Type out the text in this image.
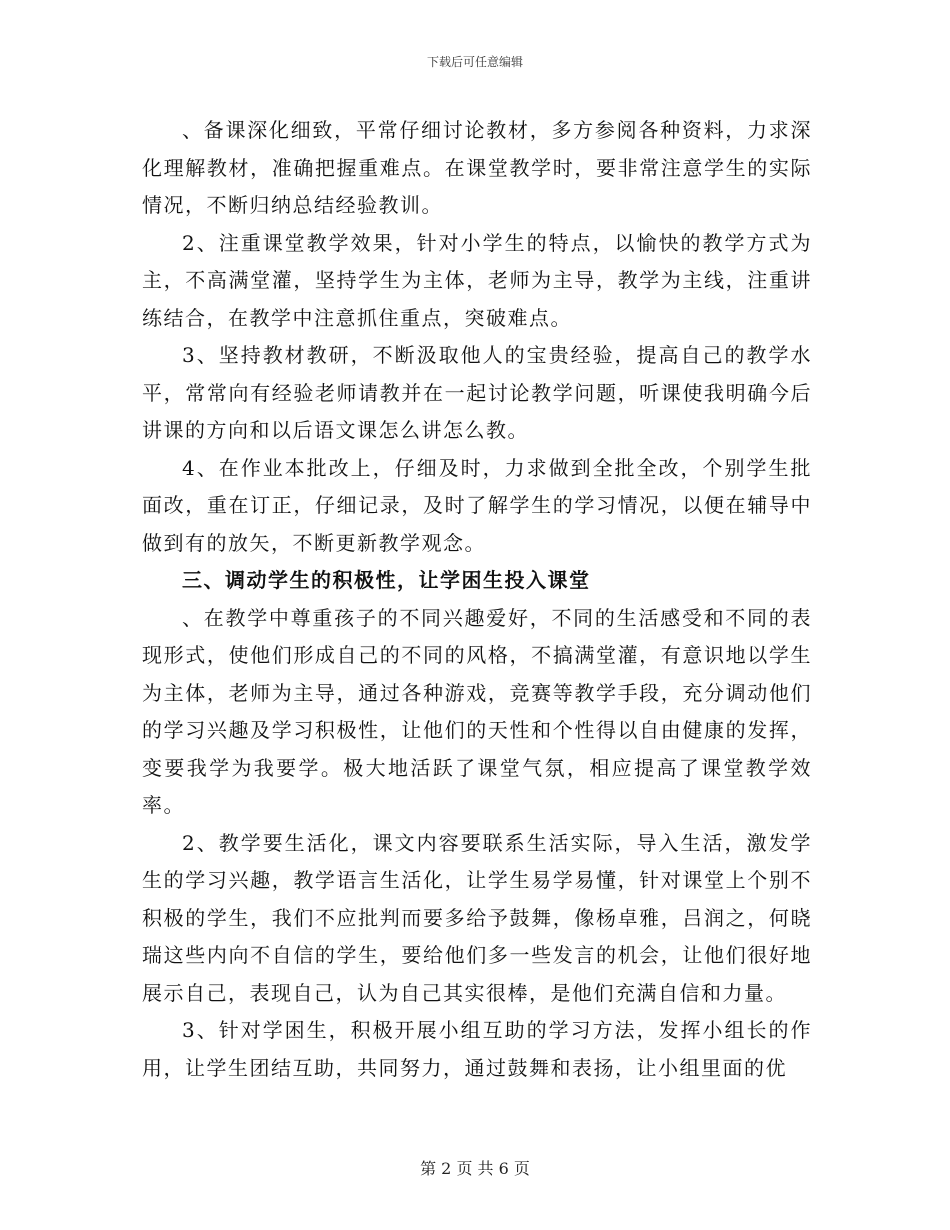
下载后可任意编辑

、备课深化细致，平常仔细讨论教材，多方参阅各种资料，力求深化理解教材，准确把握重难点。在课堂教学时，要非常注意学生的实际情况，不断归纳总结经验教训。

2、注重课堂教学效果，针对小学生的特点，以愉快的教学方式为主，不高满堂灌，坚持学生为主体，老师为主导，教学为主线，注重讲练结合，在教学中注意抓住重点，突破难点。

3、坚持教材教研，不断汲取他人的宝贵经验，提高自己的教学水平，常常向有经验老师请教并在一起讨论教学问题，听课使我明确今后讲课的方向和以后语文课怎么讲怎么教。

4、在作业本批改上，仔细及时，力求做到全批全改，个别学生批面改，重在订正，仔细记录，及时了解学生的学习情况，以便在辅导中做到有的放矢，不断更新教学观念。

三、调动学生的积极性，让学困生投入课堂

、在教学中尊重孩子的不同兴趣爱好，不同的生活感受和不同的表现形式，使他们形成自己的不同的风格，不搞满堂灌，有意识地以学生为主体，老师为主导，通过各种游戏，竞赛等教学手段，充分调动他们的学习兴趣及学习积极性，让他们的天性和个性得以自由健康的发挥，变要我学为我要学。极大地活跃了课堂气氛，相应提高了课堂教学效率。

2、教学要生活化，课文内容要联系生活实际，导入生活，激发学生的学习兴趣，教学语言生活化，让学生易学易懂，针对课堂上个别不积极的学生，我们不应批判而要多给予鼓舞，像杨卓雅，吕润之，何晓瑞这些内向不自信的学生，要给他们多一些发言的机会，让他们很好地展示自己，表现自己，认为自己其实很棒，是他们充满自信和力量。

3、针对学困生，积极开展小组互助的学习方法，发挥小组长的作用，让学生团结互助，共同努力，通过鼓舞和表扬，让小组里面的优

第 2 页 共 6 页
